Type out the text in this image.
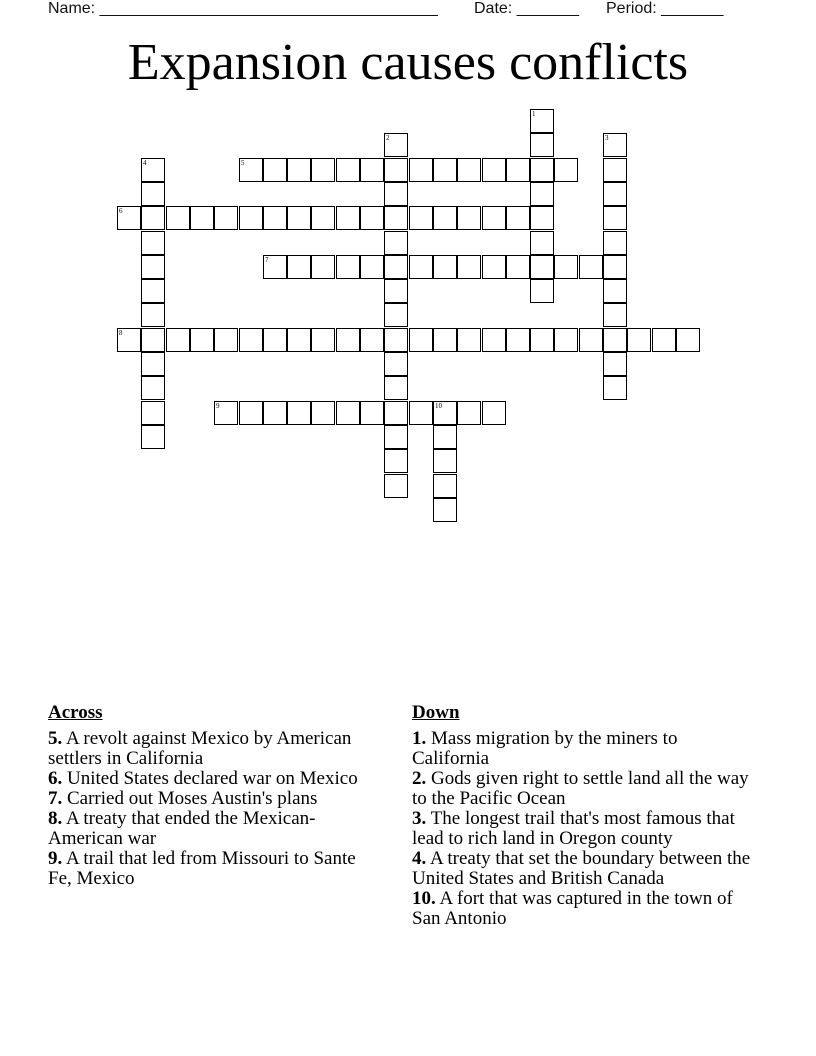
Name: ______________________________________ Date: _______ Period: _______
Expansion causes conflicts
1
2	3
4	5
6
7
8
9	10
Across

5. A revolt against Mexico by American settlers in California

6. United States declared war on Mexico

7. Carried out Moses Austin's plans

8. A treaty that ended the Mexican-American war

9. A trail that led from Missouri to Sante Fe, Mexico

Down

1. Mass migration by the miners to California

2. Gods given right to settle land all the way to the Pacific Ocean

3. The longest trail that's most famous that lead to rich land in Oregon county

4. A treaty that set the boundary between the United States and British Canada

10. A fort that was captured in the town of San Antonio
